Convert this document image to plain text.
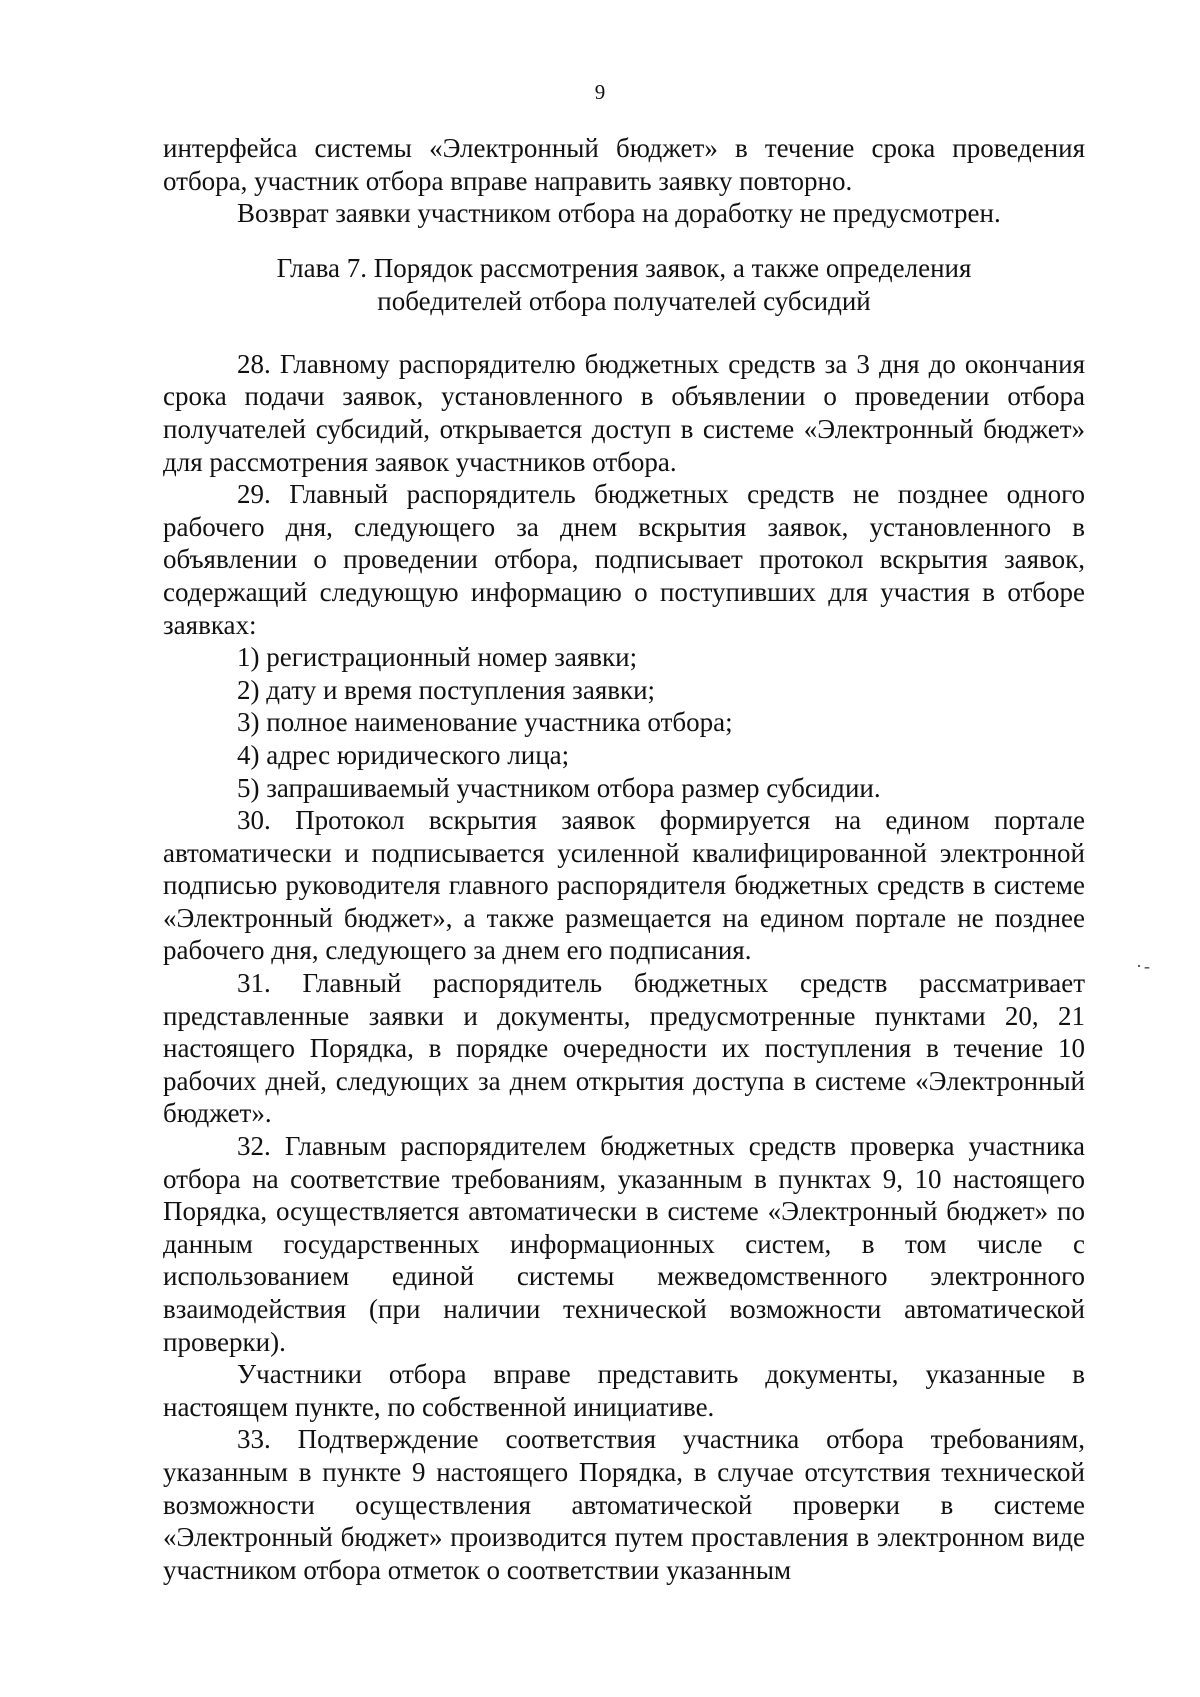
9

интерфейса системы «Электронный бюджет» в течение срока проведения отбора, участник отбора вправе направить заявку повторно.

Возврат заявки участником отбора на доработку не предусмотрен.

Глава 7. Порядок рассмотрения заявок, а также определения
победителей отбора получателей субсидий

28. Главному распорядителю бюджетных средств за 3 дня до окончания срока подачи заявок, установленного в объявлении о проведении отбора получателей субсидий, открывается доступ в системе «Электронный бюджет» для рассмотрения заявок участников отбора.

29. Главный распорядитель бюджетных средств не позднее одного рабочего дня, следующего за днем вскрытия заявок, установленного в объявлении о проведении отбора, подписывает протокол вскрытия заявок, содержащий следующую информацию о поступивших для участия в отборе заявках:

1) регистрационный номер заявки;

2) дату и время поступления заявки;

3) полное наименование участника отбора;

4) адрес юридического лица;

5) запрашиваемый участником отбора размер субсидии.

30. Протокол вскрытия заявок формируется на едином портале автоматически и подписывается усиленной квалифицированной электронной подписью руководителя главного распорядителя бюджетных средств в системе «Электронный бюджет», а также размещается на едином портале не позднее рабочего дня, следующего за днем его подписания.

31. Главный распорядитель бюджетных средств рассматривает представленные заявки и документы, предусмотренные пунктами 20, 21 настоящего Порядка, в порядке очередности их поступления в течение 10 рабочих дней, следующих за днем открытия доступа в системе «Электронный бюджет».

32. Главным распорядителем бюджетных средств проверка участника отбора на соответствие требованиям, указанным в пунктах 9, 10 настоящего Порядка, осуществляется автоматически в системе «Электронный бюджет» по данным государственных информационных систем, в том числе с использованием единой системы межведомственного электронного взаимодействия (при наличии технической возможности автоматической проверки).

Участники отбора вправе представить документы, указанные в настоящем пункте, по собственной инициативе.

33. Подтверждение соответствия участника отбора требованиям, указанным в пункте 9 настоящего Порядка, в случае отсутствия технической возможности осуществления автоматической проверки в системе «Электронный бюджет» производится путем проставления в электронном виде участником отбора отметок о соответствии указанным

·‐
